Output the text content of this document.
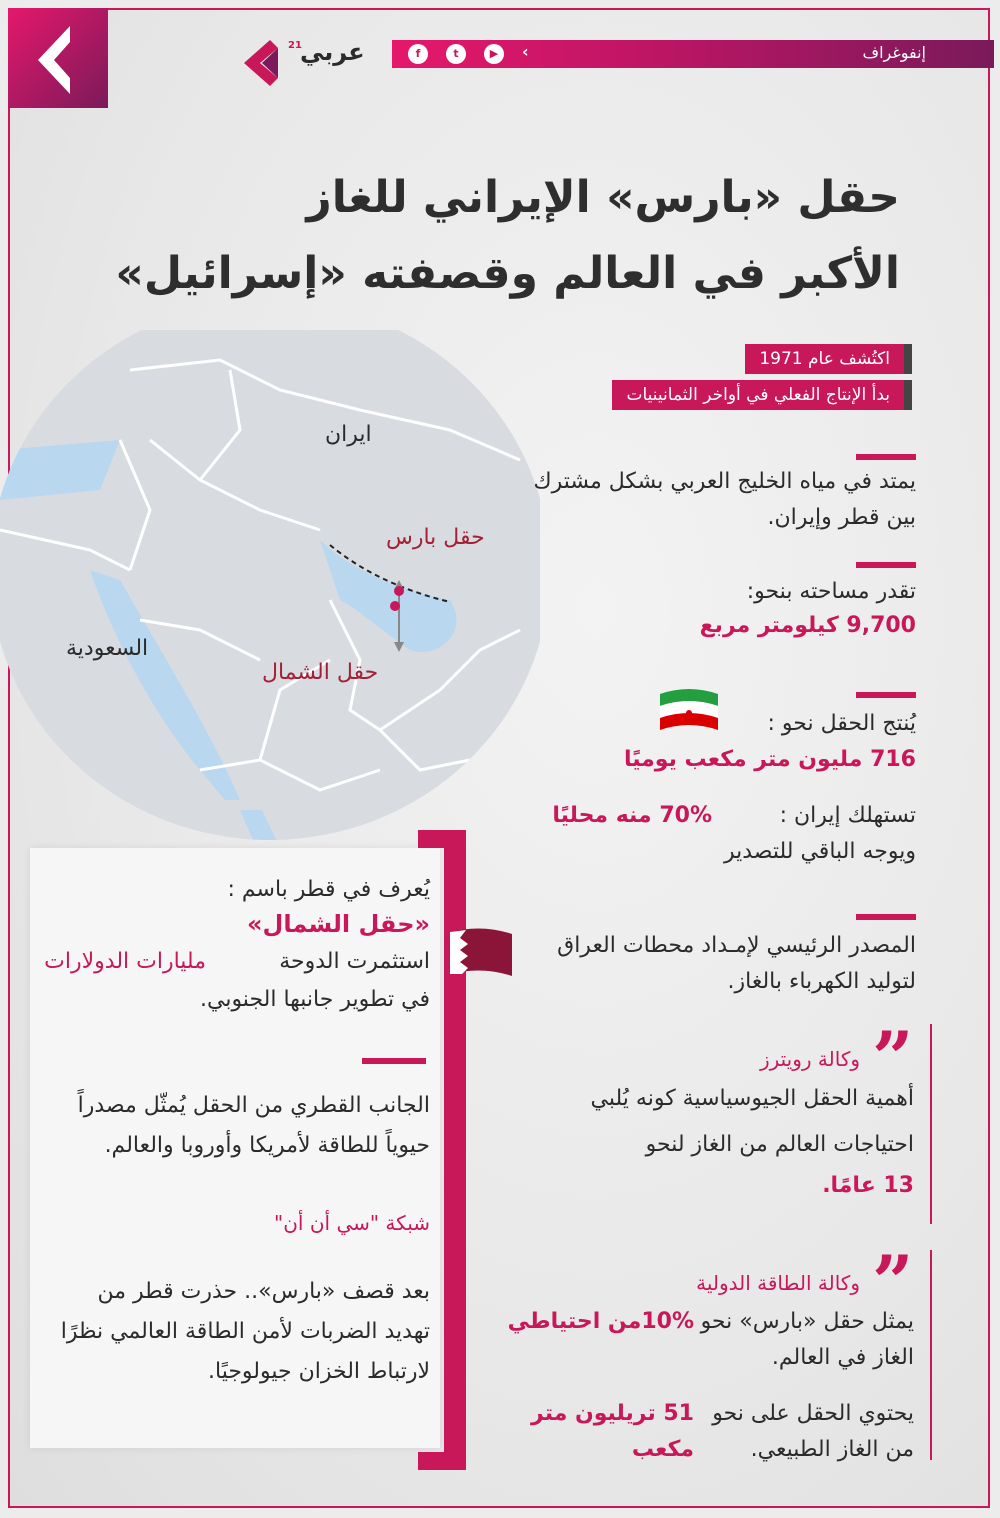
21
عربي	f	t	▶	‹	إنفوغراف
حقل «بارس» الإيراني للغاز
الأكبر في العالم وقصفته «إسرائيل»
اكتُشف عام 1971
بدأ الإنتاج الفعلي في أواخر الثمانينيات
ايران
السعودية
حقل بارس
حقل الشمال
يمتد في مياه الخليج العربي بشكل مشترك بين قطر وإيران.
تقدر مساحته بنحو:
9,700 كيلومتر مربع
يُنتج الحقل نحو :
716 مليون متر مكعب يوميًا
تستهلك إيران :
70% منه محليًا
ويوجه الباقي للتصدير
المصدر الرئيسي لإمـداد محطات العراق لتوليد الكهرباء بالغاز.
”
وكالة رويترز
أهمية الحقل الجيوسياسية كونه يُلبي احتياجات العالم من الغاز لنحو
13 عامًا.
”
وكالة الطاقة الدولية
يمثل حقل «بارس» نحو
10%من احتياطي
الغاز في العالم.
يحتوي الحقل على نحو
51 تريليون متر مكعب	من الغاز الطبيعي.
يُعرف في قطر باسم :
«حقل الشمال»
استثمرت الدوحة
مليارات الدولارات
في تطوير جانبها الجنوبي.
الجانب القطري من الحقل يُمثّل مصدراً حيوياً للطاقة لأمريكا وأوروبا والعالم.
شبكة "سي أن أن"
بعد قصف «بارس».. حذرت قطر من تهديد الضربات لأمن الطاقة العالمي نظرًا لارتباط الخزان جيولوجيًا.
